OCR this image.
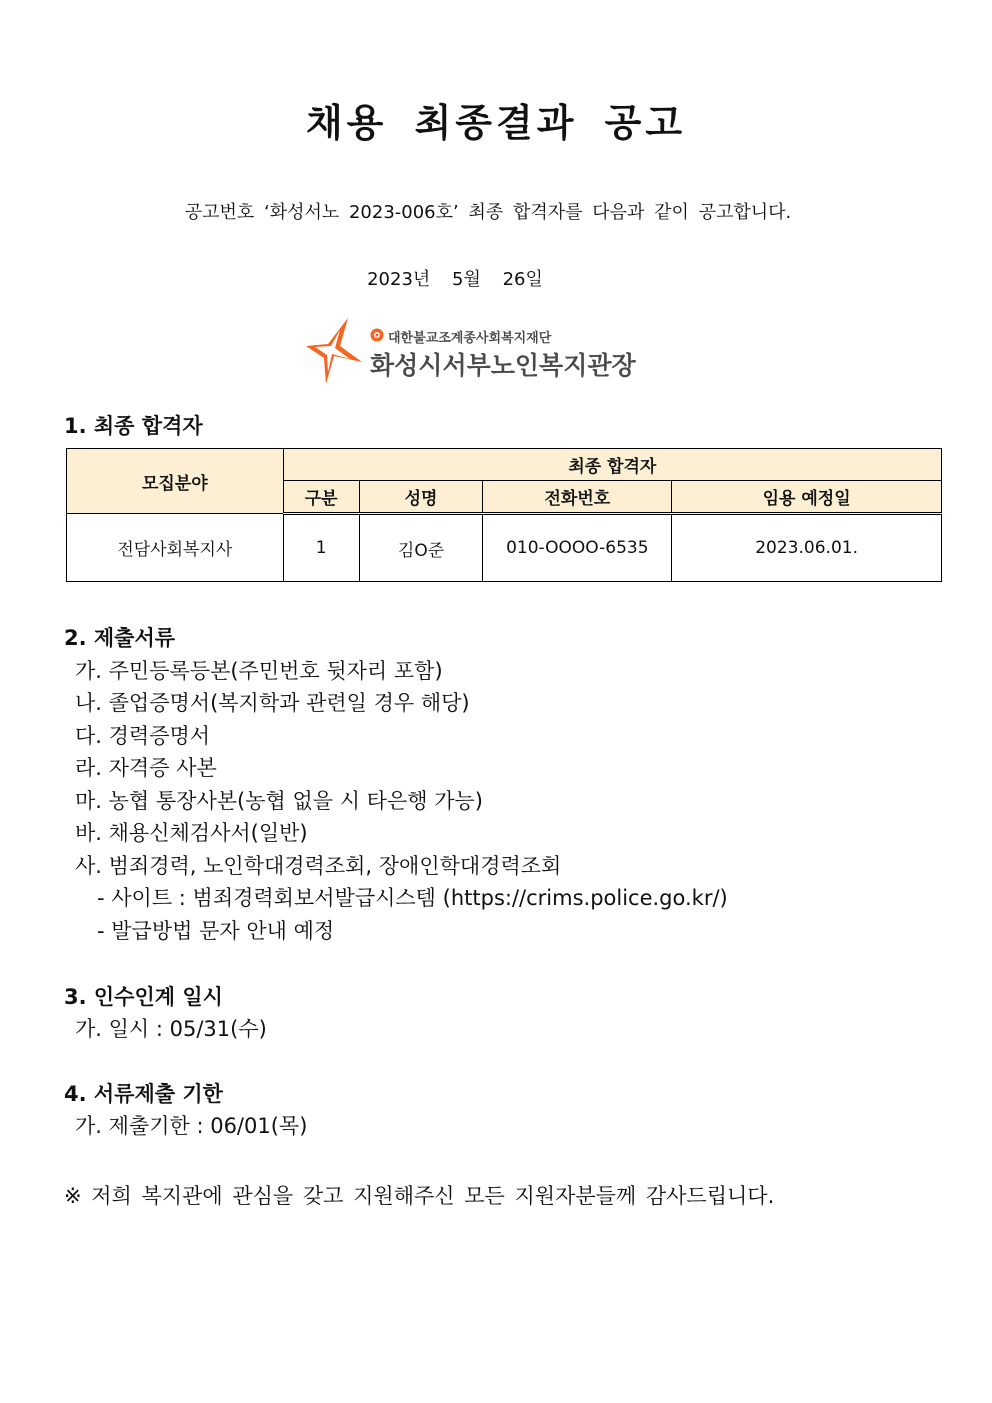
채용 최종결과 공고
공고번호 ‘화성서노 2023-006호’ 최종 합격자를 다음과 같이 공고합니다.
2023년 5월 26일
대한불교조계종사회복지재단
화성시서부노인복지관장
1. 최종 합격자
모집분야	최종 합격자			
	구분	성명	전화번호	임용 예정일
전담사회복지사	1	김O준	010-OOOO-6535	2023.06.01.
2. 제출서류
가. 주민등록등본(주민번호 뒷자리 포함)
나. 졸업증명서(복지학과 관련일 경우 해당)
다. 경력증명서
라. 자격증 사본
마. 농협 통장사본(농협 없을 시 타은행 가능)
바. 채용신체검사서(일반)
사. 범죄경력, 노인학대경력조회, 장애인학대경력조회
- 사이트 : 범죄경력회보서발급시스템 (https://crims.police.go.kr/)
- 발급방법 문자 안내 예정
3. 인수인계 일시
가. 일시 : 05/31(수)
4. 서류제출 기한
가. 제출기한 : 06/01(목)
※ 저희 복지관에 관심을 갖고 지원해주신 모든 지원자분들께 감사드립니다.
